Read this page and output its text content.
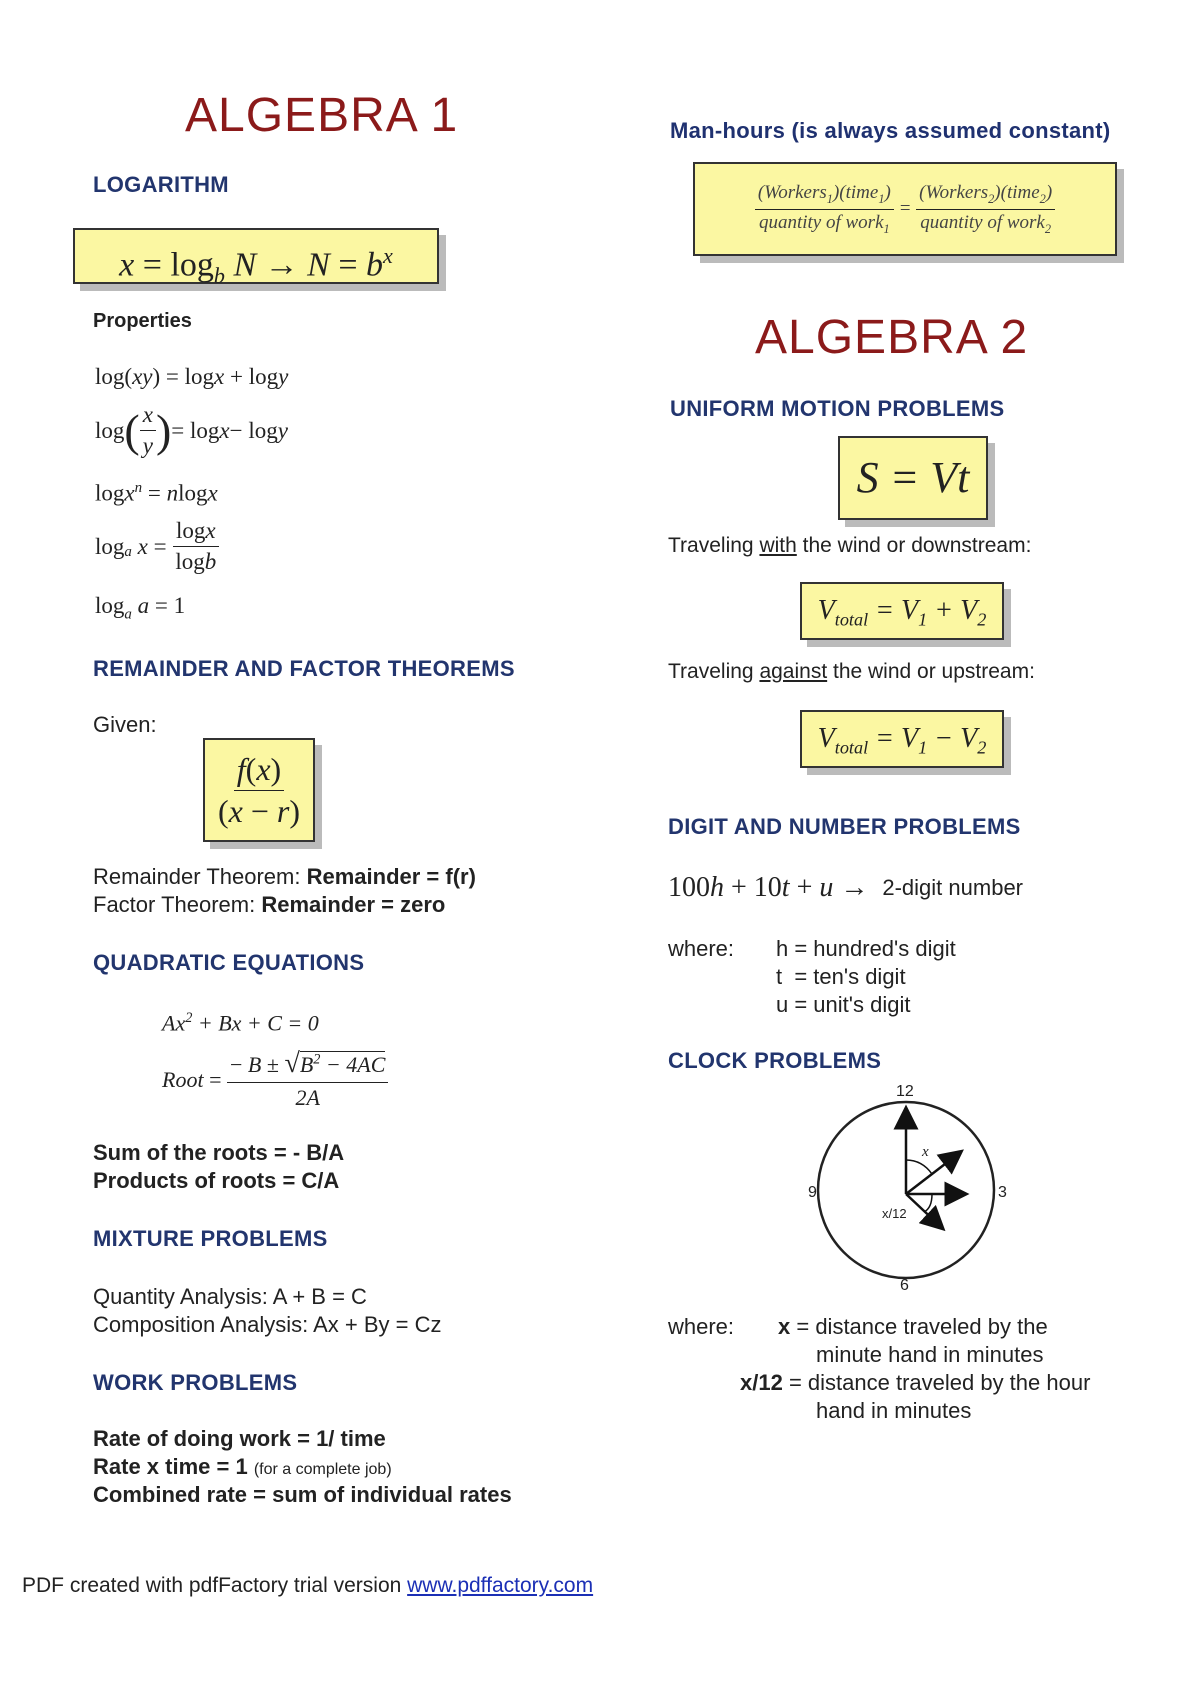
ALGEBRA 1
LOGARITHM
$x = \log_b N \to N = b^x$
Properties
log(xy) = logx + logy
log ( $\frac{x}{y}$ ) = log x − log y
logx$^n$ = nlogx
log a
$x = \frac{\log x}{\log b}$
$\log_a a = 1$
REMAINDER AND FACTOR THEOREMS
Given:
$\frac{f(x)}{(x - r)}$
Remainder Theorem: Remainder = f(r)
Factor Theorem: Remainder = zero
QUADRATIC EQUATIONS
$Ax^2 + Bx + C = 0$
Root = $\frac{- B \pm √B^2 - 4AC}{2A}$
Sum of the roots = - B/A
Products of roots = C/A
MIXTURE PROBLEMS
Quantity Analysis: A + B = C
Composition Analysis: Ax + By = Cz
WORK PROBLEMS
Rate of doing work = 1/ time
Rate x time = 1 (for a complete job)
Combined rate = sum of individual rates
Man-hours (is always assumed constant)
$\frac{(Workers_1)(time_1)}{quantity of work_1} = \frac{(Workers_2)(time_2)}{quantity of work_2}$
ALGEBRA 2
UNIFORM MOTION PROBLEMS
S = Vt
Traveling with the wind or downstream:
$V_{total} = V_1 + V_2$
Traveling against the wind or upstream:
$V_{total} = V_1 - V_2$
DIGIT AND NUMBER PROBLEMS
100h + 10t + u → 2-digit number
where: h = hundred's digit
t  = ten's digit
u = unit's digit
CLOCK PROBLEMS
12
3
6
9
x
x/12
where: x = distance traveled by the
minute hand in minutes
x/12 = distance traveled by the hour
hand in minutes
PDF created with pdfFactory trial version www.pdffactory.com
